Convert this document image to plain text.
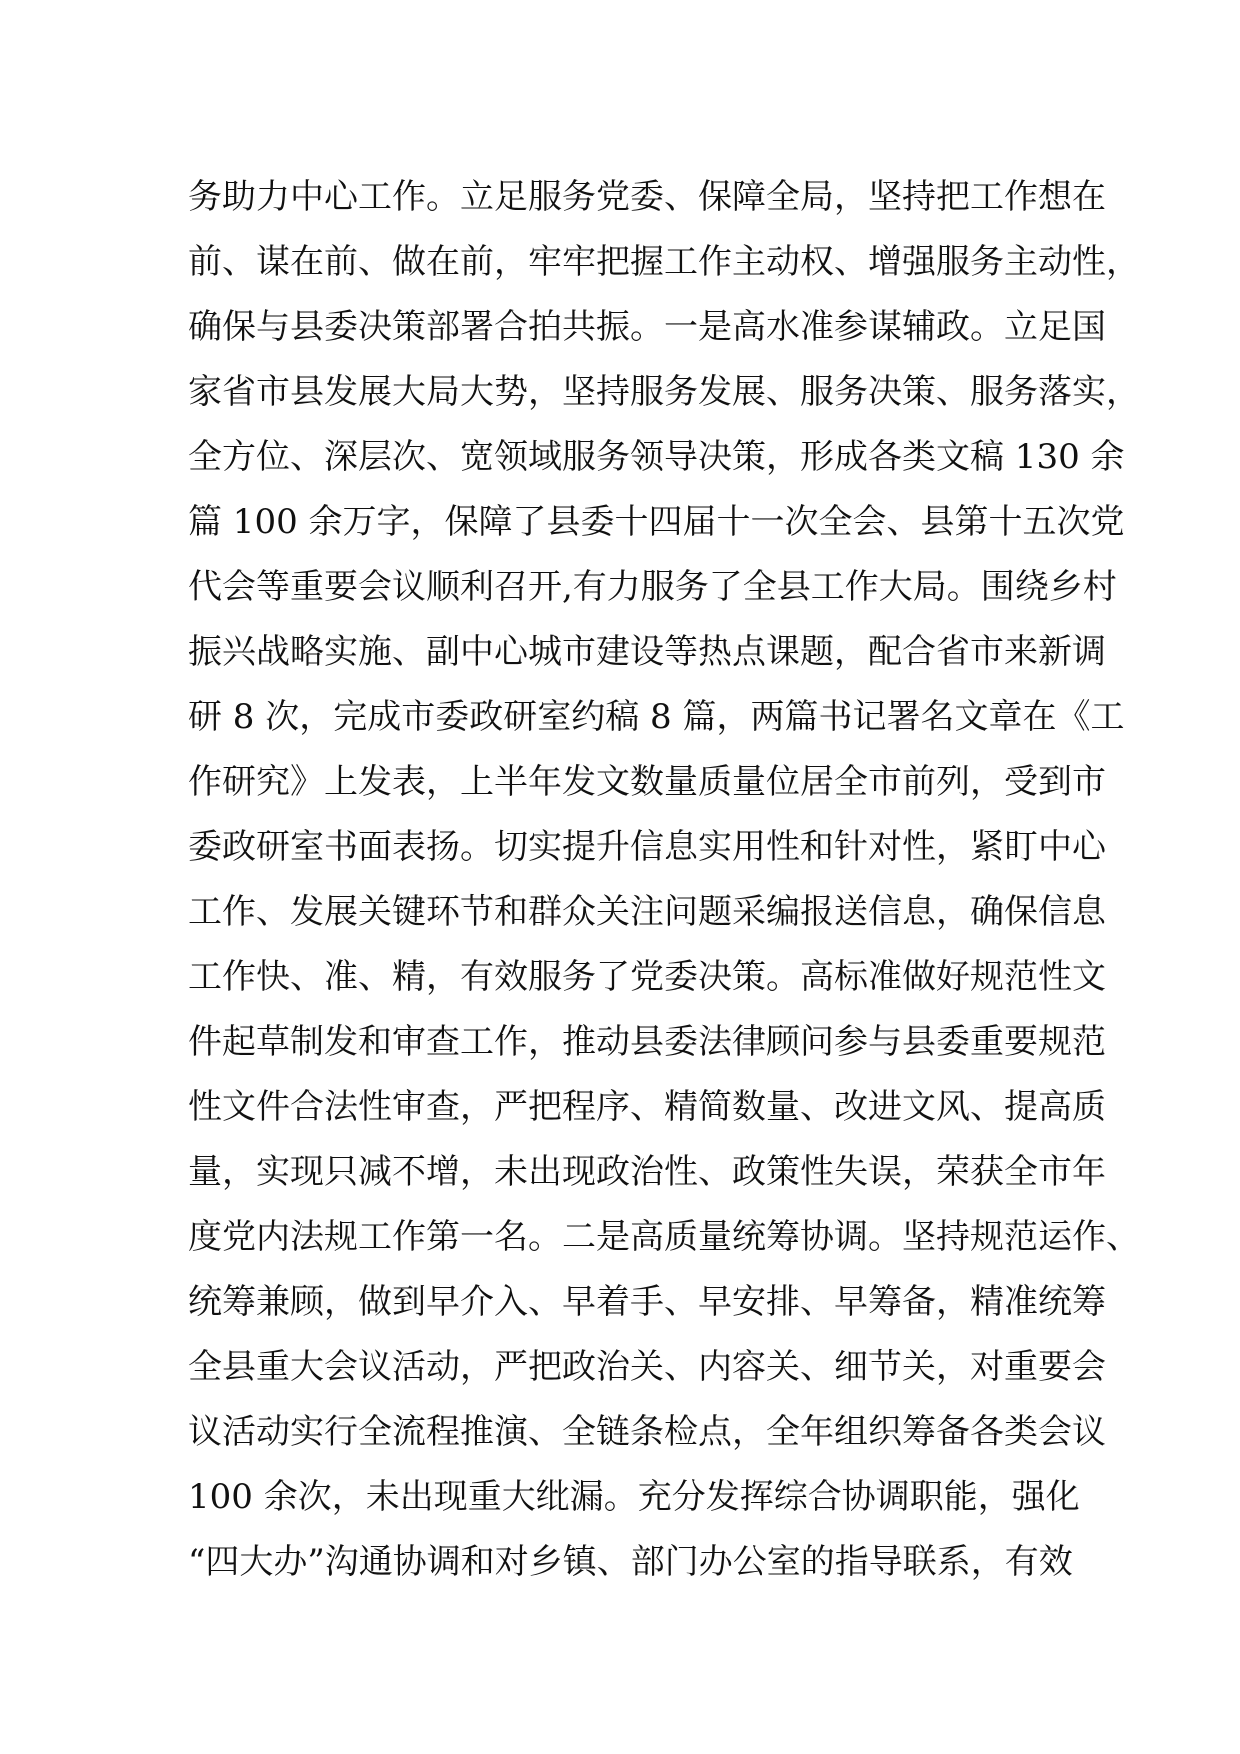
务助力中心工作。立足服务党委、保障全局，坚持把工作想在
前、谋在前、做在前，牢牢把握工作主动权、增强服务主动性，
确保与县委决策部署合拍共振。一是高水准参谋辅政。立足国
家省市县发展大局大势，坚持服务发展、服务决策、服务落实，
全方位、深层次、宽领域服务领导决策，形成各类文稿 130 余
篇 100 余万字，保障了县委十四届十一次全会、县第十五次党
代会等重要会议顺利召开,有力服务了全县工作大局。围绕乡村
振兴战略实施、副中心城市建设等热点课题，配合省市来新调
研 8 次，完成市委政研室约稿 8 篇，两篇书记署名文章在《工
作研究》上发表，上半年发文数量质量位居全市前列，受到市
委政研室书面表扬。切实提升信息实用性和针对性，紧盯中心
工作、发展关键环节和群众关注问题采编报送信息，确保信息
工作快、准、精，有效服务了党委决策。高标准做好规范性文
件起草制发和审查工作，推动县委法律顾问参与县委重要规范
性文件合法性审查，严把程序、精简数量、改进文风、提高质
量，实现只减不增，未出现政治性、政策性失误，荣获全市年
度党内法规工作第一名。二是高质量统筹协调。坚持规范运作、
统筹兼顾，做到早介入、早着手、早安排、早筹备，精准统筹
全县重大会议活动，严把政治关、内容关、细节关，对重要会
议活动实行全流程推演、全链条检点，全年组织筹备各类会议
100 余次，未出现重大纰漏。充分发挥综合协调职能，强化
“四大办”沟通协调和对乡镇、部门办公室的指导联系，有效
